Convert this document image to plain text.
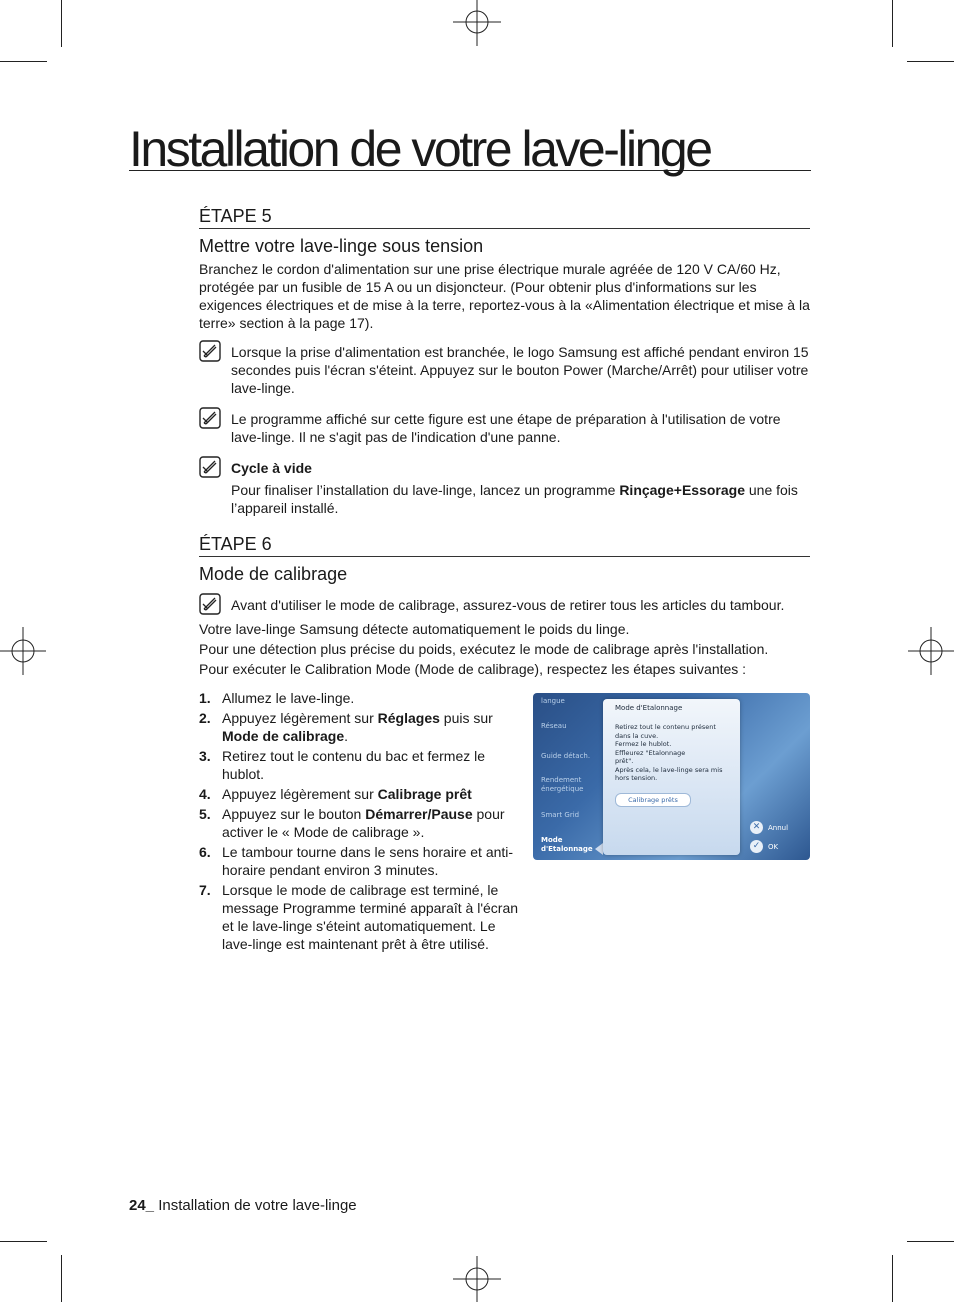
Installation de votre lave-linge
ÉTAPE 5
Mettre votre lave-linge sous tension

Branchez le cordon d'alimentation sur une prise électrique murale agréée de 120 V CA/60 Hz, protégée par un fusible de 15 A ou un disjoncteur. (Pour obtenir plus d'informations sur les exigences électriques et de mise à la terre, reportez-vous à la «Alimentation électrique et mise à la terre» section à la page 17).

Lorsque la prise d'alimentation est branchée, le logo Samsung est affiché pendant environ 15 secondes puis l'écran s'éteint. Appuyez sur le bouton Power (Marche/Arrêt) pour utiliser votre lave-linge.

Le programme affiché sur cette figure est une étape de préparation à l'utilisation de votre lave-linge. Il ne s'agit pas de l'indication d'une panne.

Cycle à vide

Pour finaliser l’installation du lave-linge, lancez un programme Rinçage+Essorage une fois l’appareil installé.

ÉTAPE 6
Mode de calibrage

Avant d'utiliser le mode de calibrage, assurez-vous de retirer tous les articles du tambour.

Votre lave-linge Samsung détecte automatiquement le poids du linge.

Pour une détection plus précise du poids, exécutez le mode de calibrage après l'installation.

Pour exécuter le Calibration Mode (Mode de calibrage), respectez les étapes suivantes :

1. Allumez le lave-linge.
2. Appuyez légèrement sur Réglages puis sur Mode de calibrage.
3. Retirez tout le contenu du bac et fermez le hublot.
4. Appuyez légèrement sur Calibrage prêt
5. Appuyez sur le bouton Démarrer/Pause pour activer le « Mode de calibrage ».
6. Le tambour tourne dans le sens horaire et anti-horaire pendant environ 3 minutes.
7. Lorsque le mode de calibrage est terminé, le message Programme terminé apparaît à l'écran et le lave-linge s'éteint automatiquement. Le lave-linge est maintenant prêt à être utilisé.
langue
Réseau
Guide détach.
Rendement énergétique
Smart Grid
Mode d'Etalonnage
Mode d'Etalonnage
Retirez tout le contenu présent
dans la cuve.
Fermez le hublot.
Effleurez "Etalonnage
prêt".
Après cela, le lave-linge sera mis
hors tension.
Calibrage prêts
✕	Annul
✓	OK
24_ Installation de votre lave-linge
